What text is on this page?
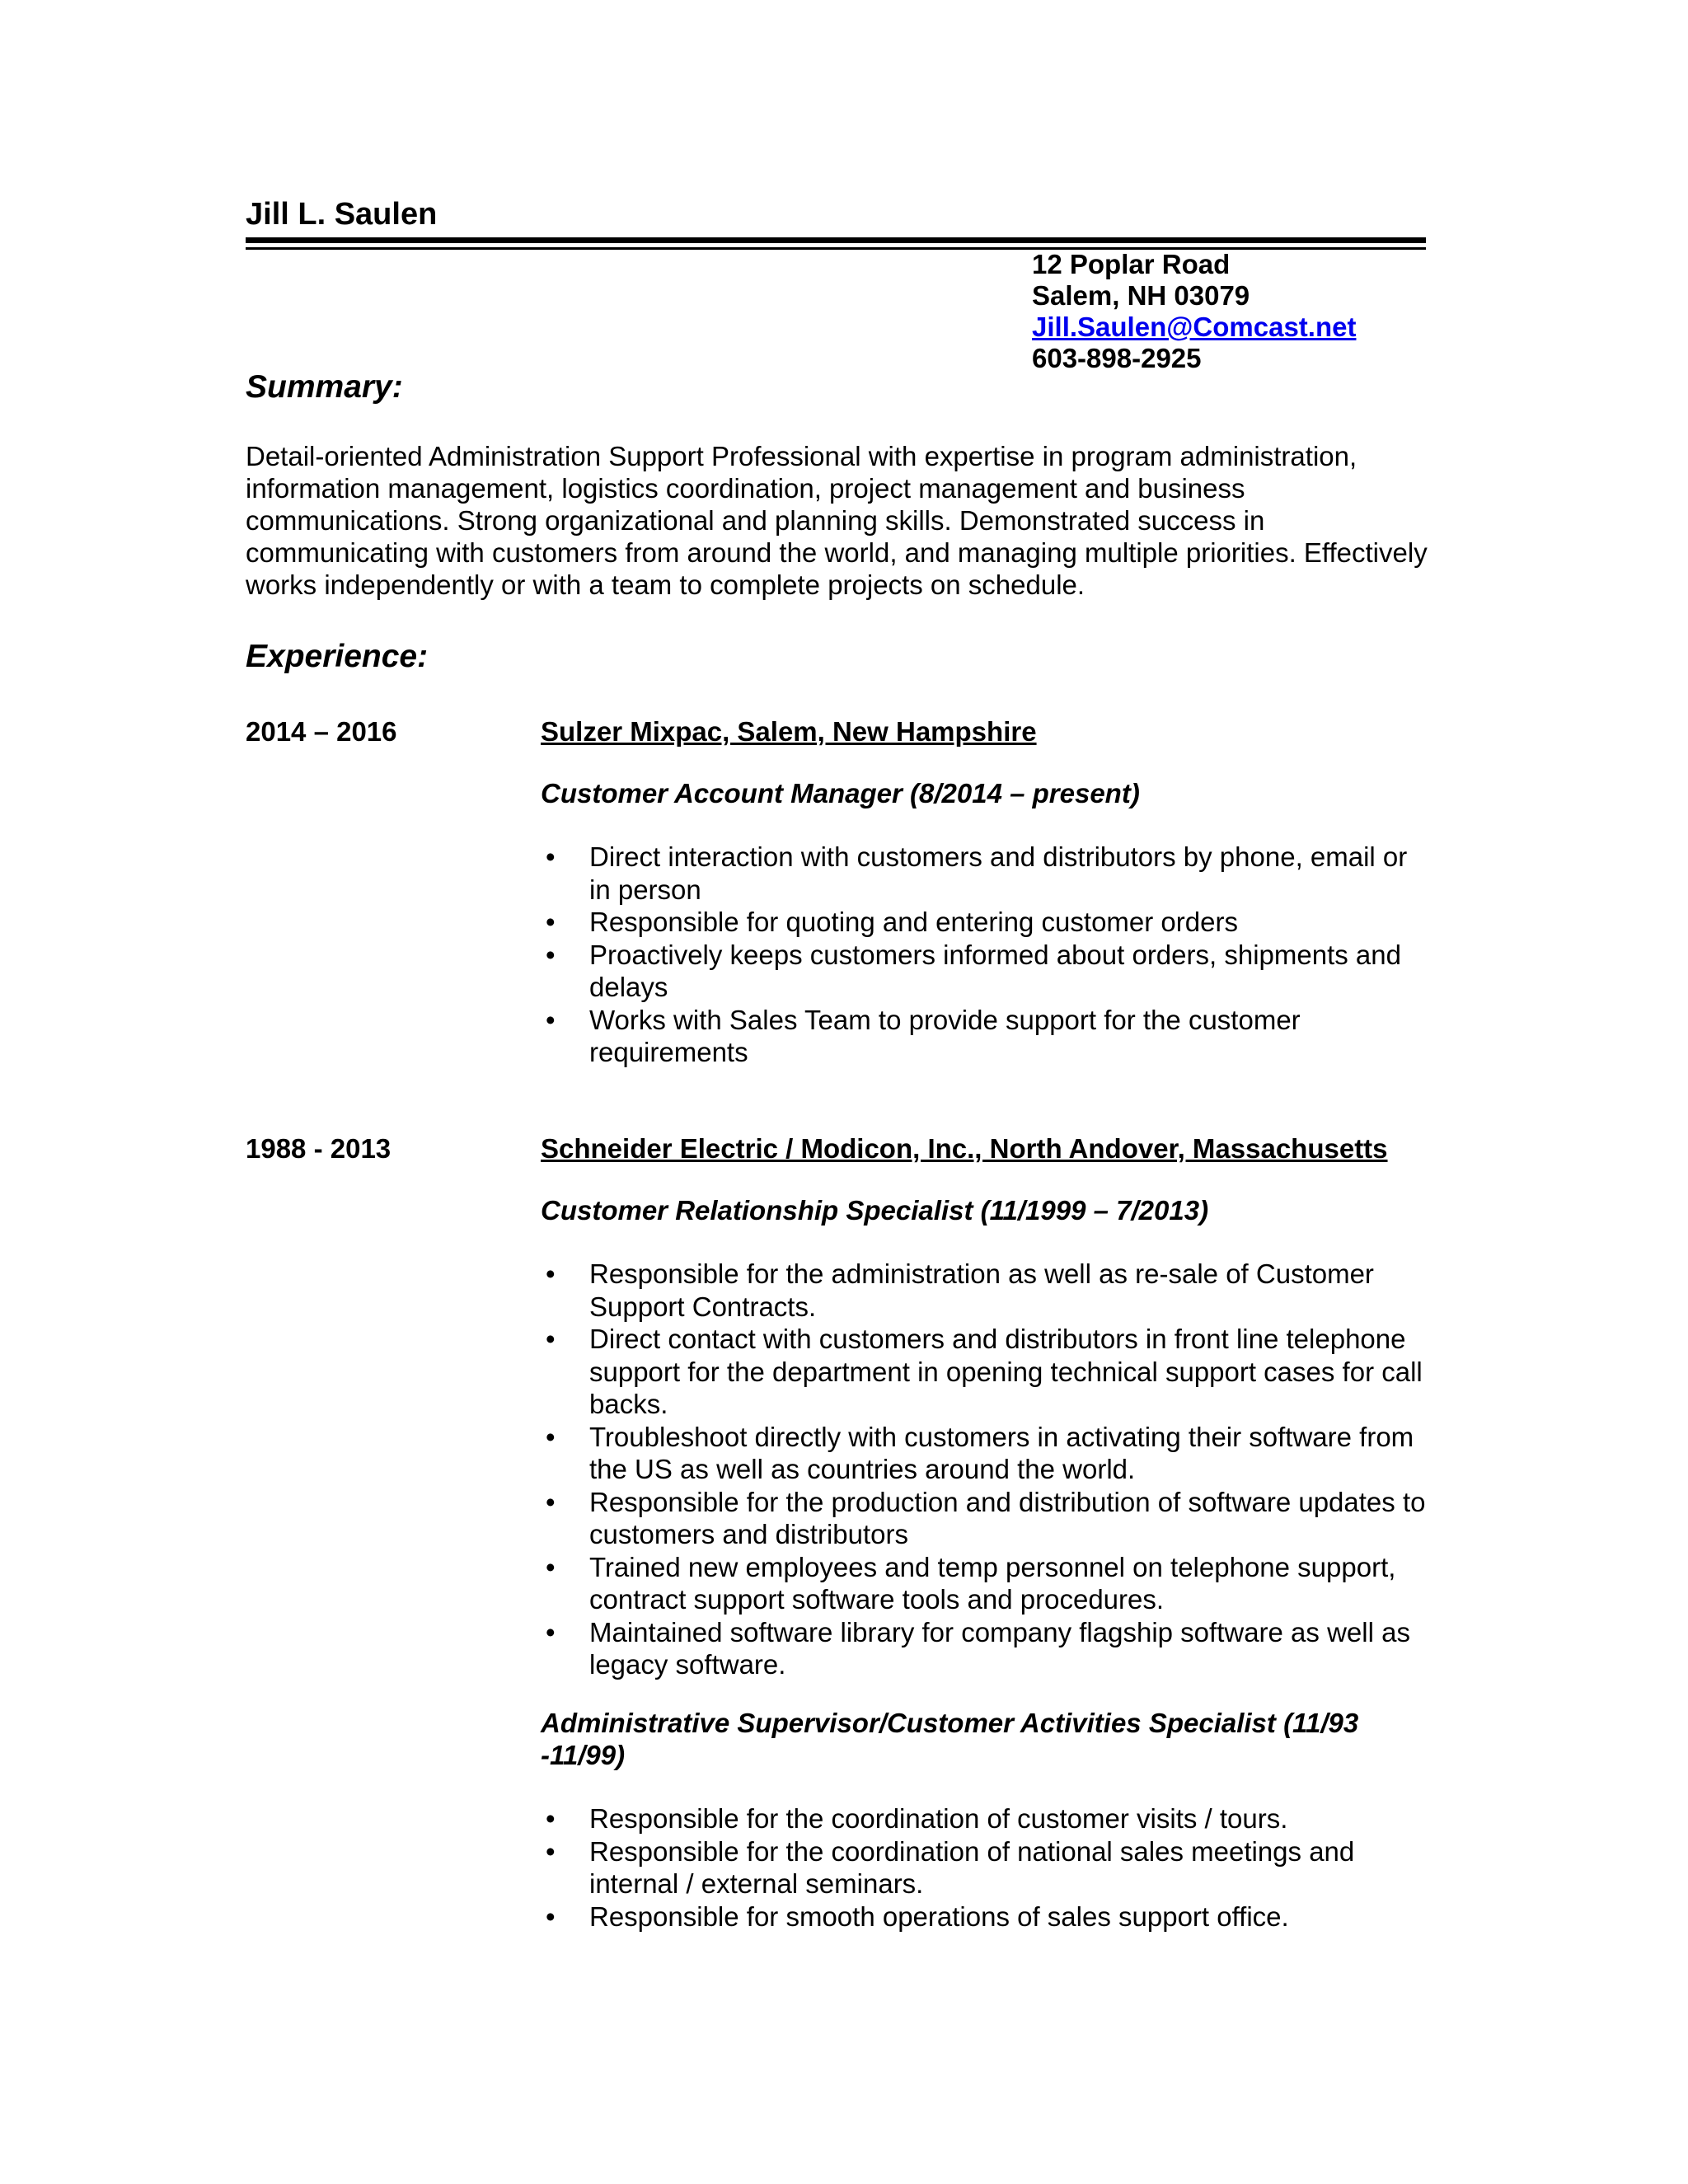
Jill L. Saulen
12 Poplar Road
Salem, NH 03079
Jill.Saulen@Comcast.net
603-898-2925
Summary:

Detail-oriented Administration Support Professional with expertise in program administration, information management, logistics coordination, project management and business communications. Strong organizational and planning skills. Demonstrated success in communicating with customers from around the world, and managing multiple priorities. Effectively works independently or with a team to complete projects on schedule.

Experience:
2014 – 2016	Sulzer Mixpac, Salem, New Hampshire
Customer Account Manager (8/2014 – present)
• Direct interaction with customers and distributors by phone, email or in person
• Responsible for quoting and entering customer orders
• Proactively keeps customers informed about orders, shipments and delays
• Works with Sales Team to provide support for the customer requirements
1988 - 2013	Schneider Electric / Modicon, Inc., North Andover, Massachusetts
Customer Relationship Specialist (11/1999 – 7/2013)
• Responsible for the administration as well as re-sale of Customer Support Contracts.
• Direct contact with customers and distributors in front line telephone support for the department in opening technical support cases for call backs.
• Troubleshoot directly with customers in activating their software from the US as well as countries around the world.
• Responsible for the production and distribution of software updates to customers and distributors
• Trained new employees and temp personnel on telephone support, contract support software tools and procedures.
• Maintained software library for company flagship software as well as legacy software.
Administrative Supervisor/Customer Activities Specialist (11/93 -11/99)
• Responsible for the coordination of customer visits / tours.
• Responsible for the coordination of national sales meetings and internal / external seminars.
• Responsible for smooth operations of sales support office.
